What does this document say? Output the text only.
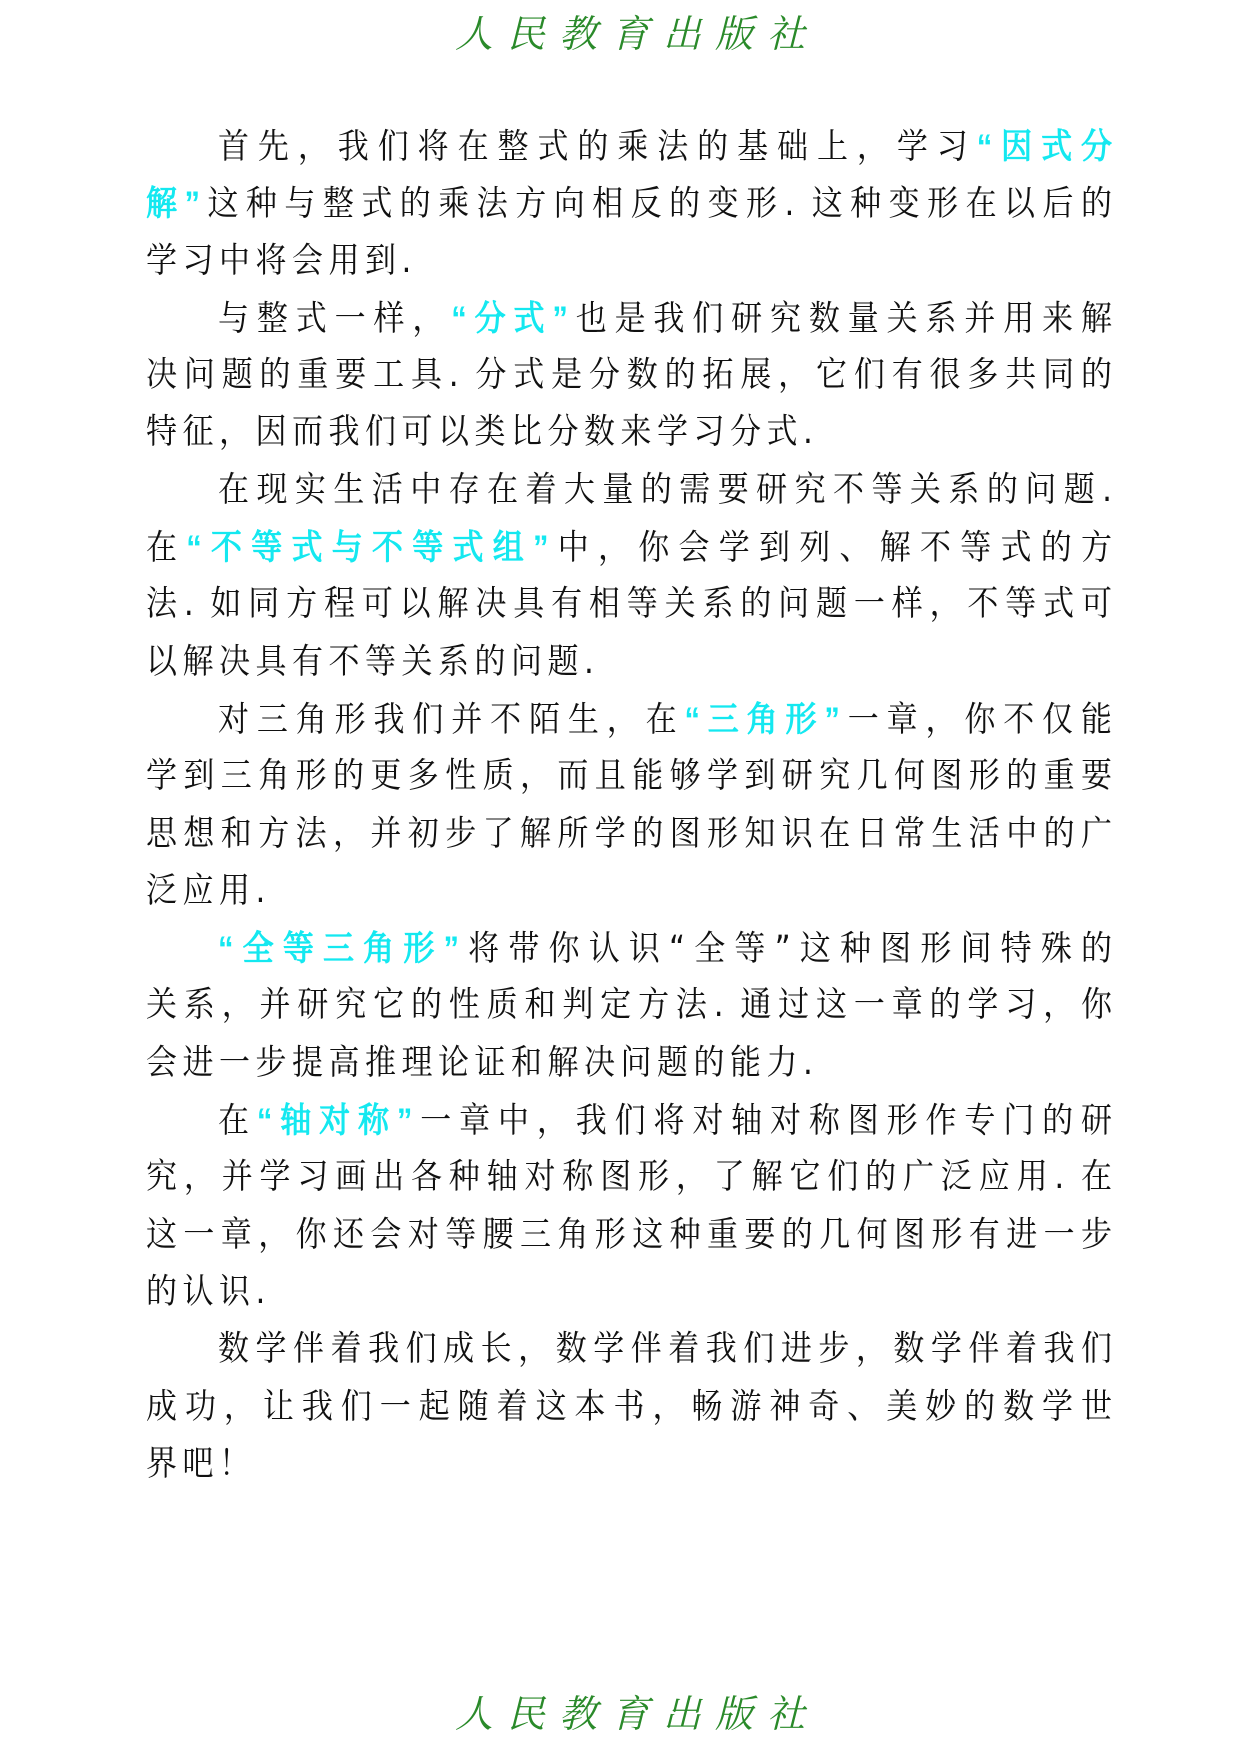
人民教育出版社
首先，我们将在整式的乘法的基础上，学习“因式分
解”这种与整式的乘法方向相反的变形. 这种变形在以后的
学习中将会用到.
与整式一样，“分式”也是我们研究数量关系并用来解
决问题的重要工具. 分式是分数的拓展，它们有很多共同的
特征，因而我们可以类比分数来学习分式.
在现实生活中存在着大量的需要研究不等关系的问题.
在“不等式与不等式组”中，你会学到列、解不等式的方
法. 如同方程可以解决具有相等关系的问题一样，不等式可
以解决具有不等关系的问题.
对三角形我们并不陌生，在“三角形”一章，你不仅能
学到三角形的更多性质，而且能够学到研究几何图形的重要
思想和方法，并初步了解所学的图形知识在日常生活中的广
泛应用.
“全等三角形”将带你认识“全等”这种图形间特殊的
关系，并研究它的性质和判定方法. 通过这一章的学习，你
会进一步提高推理论证和解决问题的能力.
在“轴对称”一章中，我们将对轴对称图形作专门的研
究，并学习画出各种轴对称图形，了解它们的广泛应用. 在
这一章，你还会对等腰三角形这种重要的几何图形有进一步
的认识.
数学伴着我们成长，数学伴着我们进步，数学伴着我们
成功，让我们一起随着这本书，畅游神奇、美妙的数学世
界吧！
人民教育出版社
